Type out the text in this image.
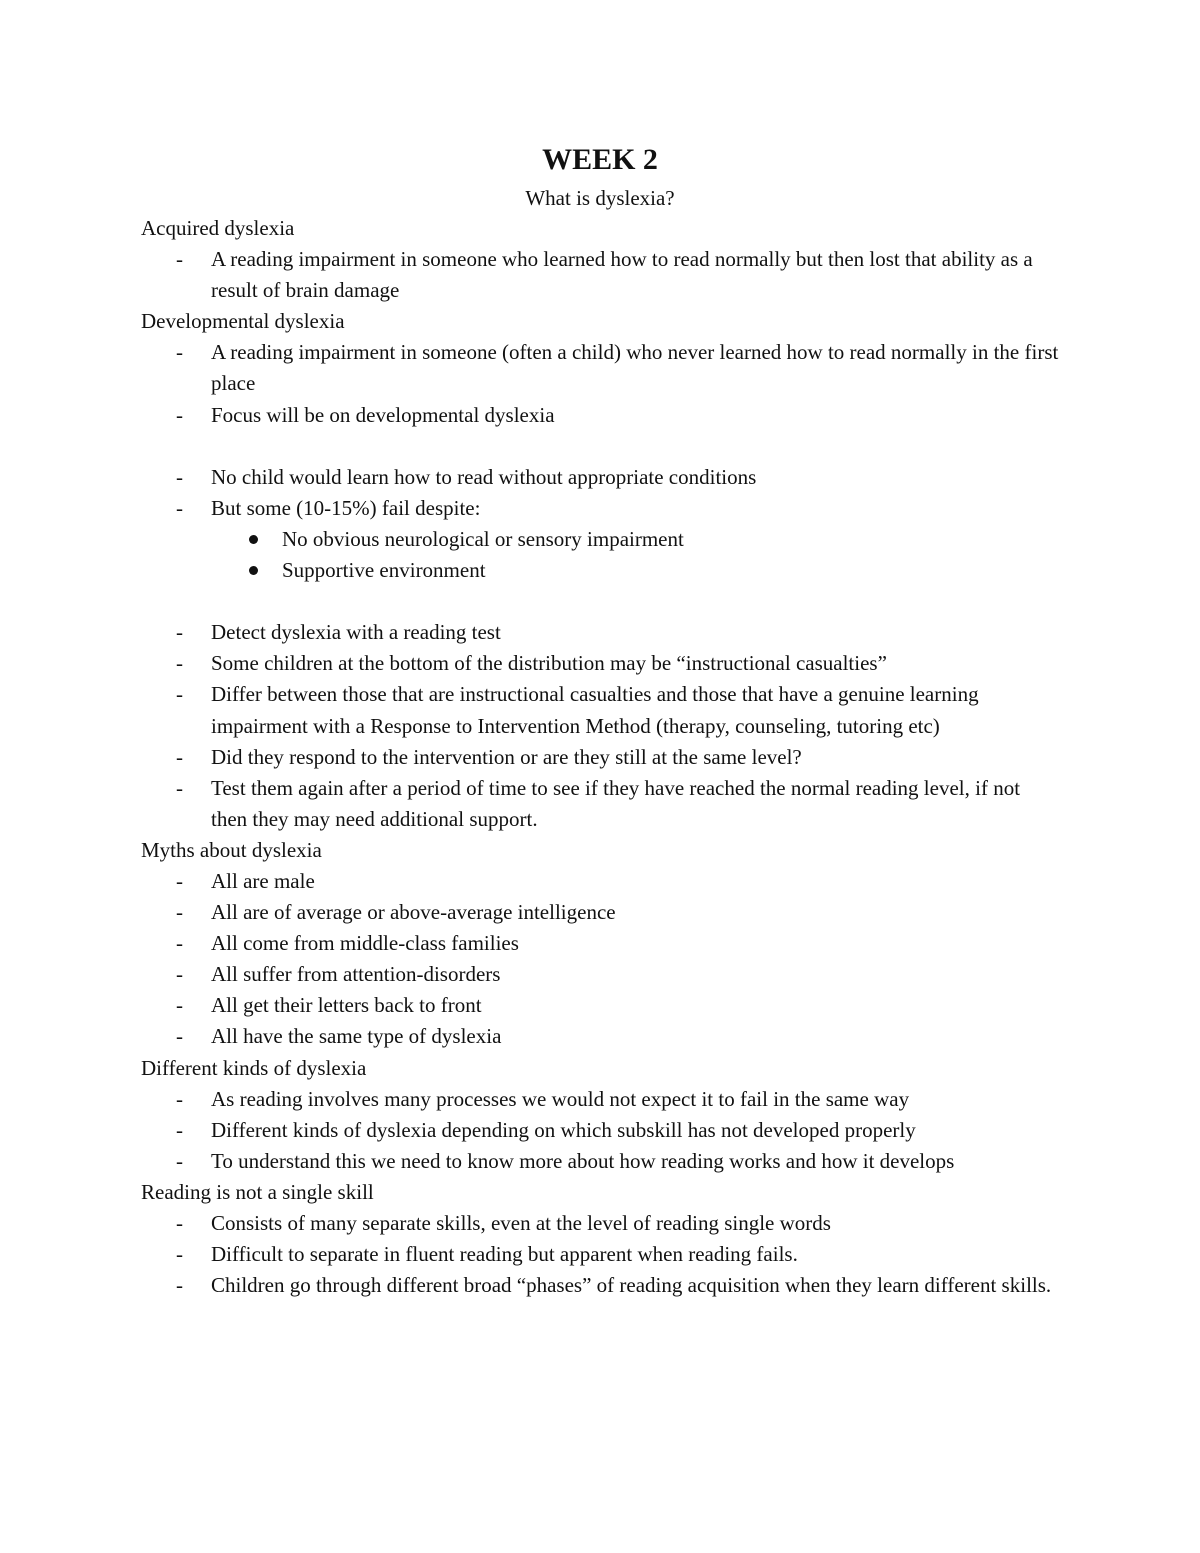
WEEK 2
What is dyslexia?
Acquired dyslexia
- A reading impairment in someone who learned how to read normally but then lost that ability as a result of brain damage
Developmental dyslexia
- A reading impairment in someone (often a child) who never learned how to read normally in the first place
- Focus will be on developmental dyslexia
- No child would learn how to read without appropriate conditions
- But some (10-15%) fail despite:
No obvious neurological or sensory impairment
Supportive environment
- Detect dyslexia with a reading test
- Some children at the bottom of the distribution may be “instructional casualties”
- Differ between those that are instructional casualties and those that have a genuine learning impairment with a Response to Intervention Method (therapy, counseling, tutoring etc)
- Did they respond to the intervention or are they still at the same level?
- Test them again after a period of time to see if they have reached the normal reading level, if not then they may need additional support.
Myths about dyslexia
- All are male
- All are of average or above-average intelligence
- All come from middle-class families
- All suffer from attention-disorders
- All get their letters back to front
- All have the same type of dyslexia
Different kinds of dyslexia
- As reading involves many processes we would not expect it to fail in the same way
- Different kinds of dyslexia depending on which subskill has not developed properly
- To understand this we need to know more about how reading works and how it develops
Reading is not a single skill
- Consists of many separate skills, even at the level of reading single words
- Difficult to separate in fluent reading but apparent when reading fails.
- Children go through different broad “phases” of reading acquisition when they learn different skills.
